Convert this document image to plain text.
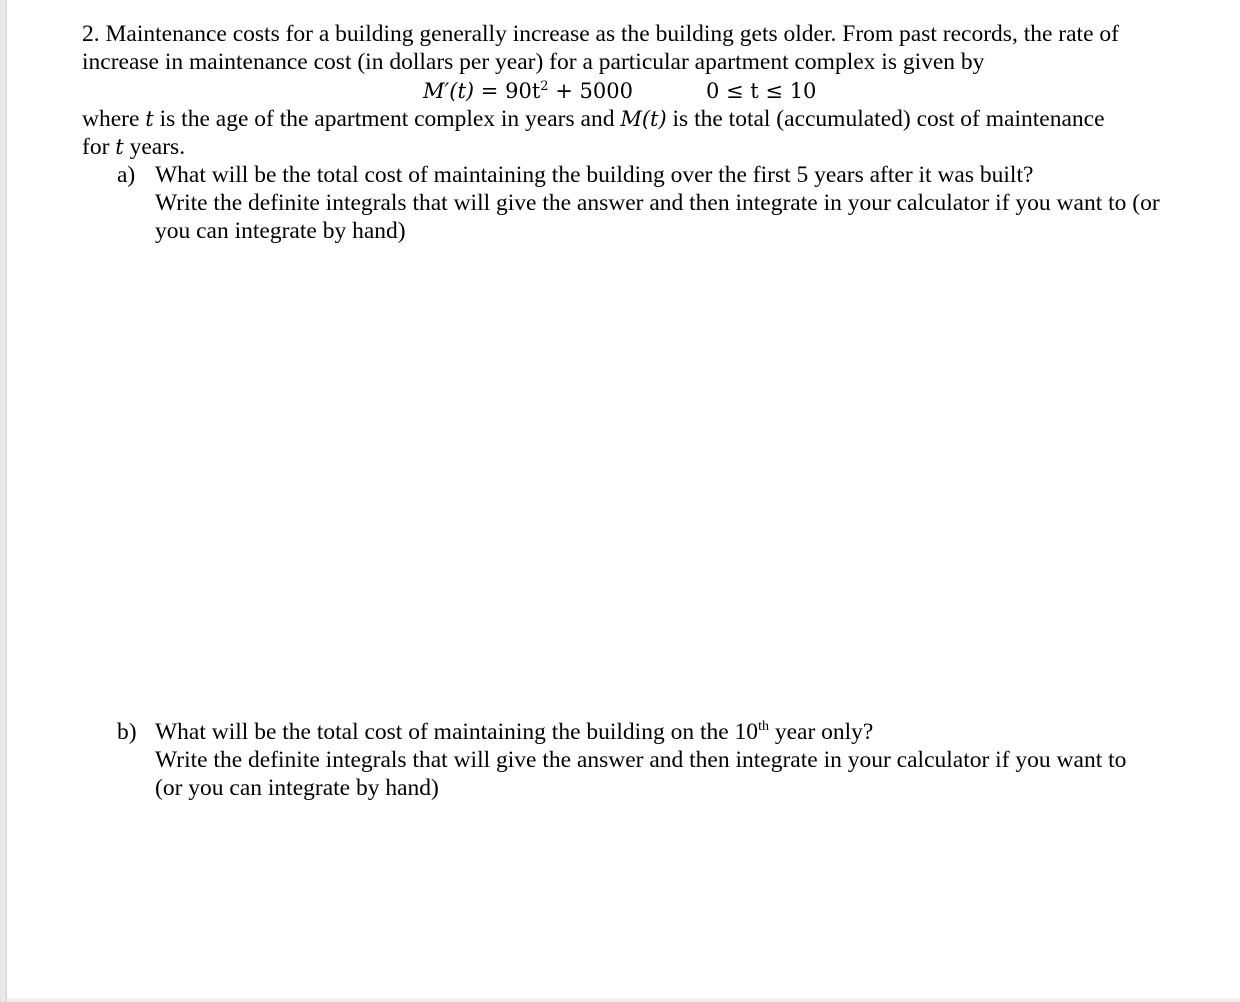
2. Maintenance costs for a building generally increase as the building gets older. From past records, the rate of
increase in maintenance cost (in dollars per year) for a particular apartment complex is given by
$M'(t) = 90t^2 + 5000$	0 ≤ t ≤ 10
where t is the age of the apartment complex in years and M(t) is the total (accumulated) cost of maintenance
for t years.
a) What will be the total cost of maintaining the building over the first 5 years after it was built?
Write the definite integrals that will give the answer and then integrate in your calculator if you want to (or
you can integrate by hand)
b) What will be the total cost of maintaining the building on the 10th year only?
Write the definite integrals that will give the answer and then integrate in your calculator if you want to
(or you can integrate by hand)
